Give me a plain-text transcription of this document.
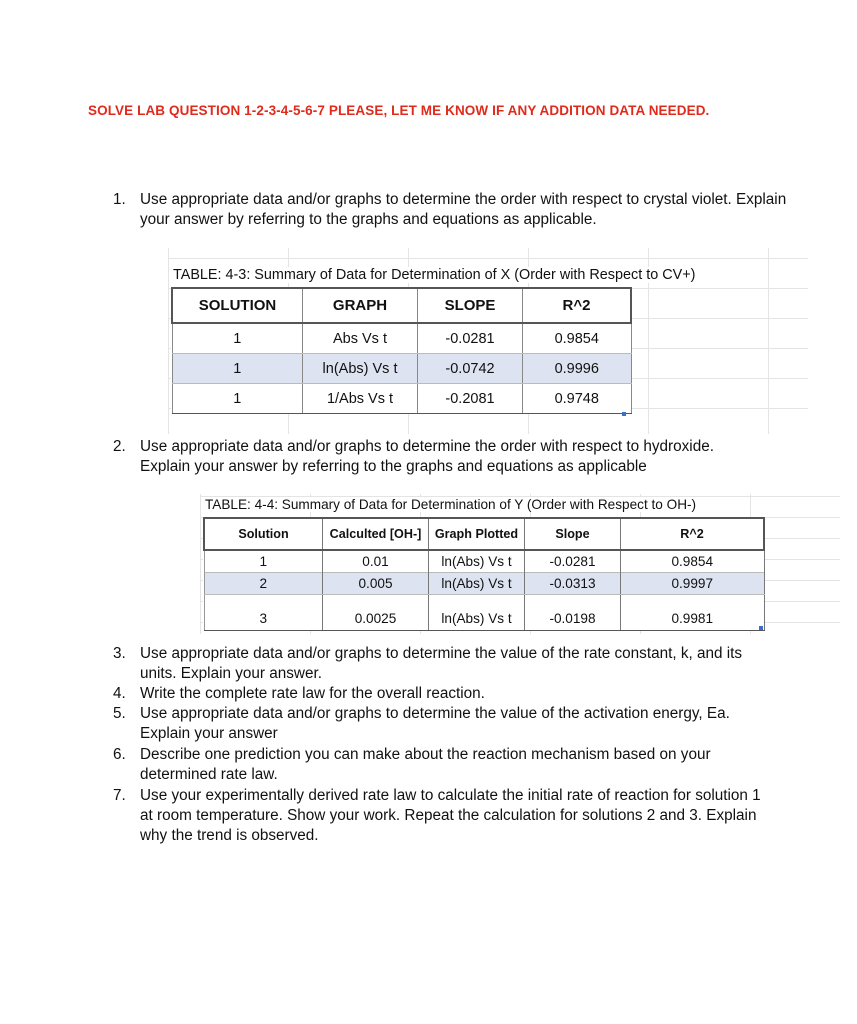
SOLVE LAB QUESTION 1-2-3-4-5-6-7 PLEASE, LET ME KNOW IF ANY ADDITION DATA NEEDED.
1. Use appropriate data and/or graphs to determine the order with respect to crystal violet. Explain your answer by referring to the graphs and equations as applicable.
TABLE: 4-3: Summary of Data for Determination of X (Order with Respect to CV+)
SOLUTION	GRAPH	SLOPE	R^2
1	Abs Vs t	-0.0281	0.9854
1	ln(Abs) Vs t	-0.0742	0.9996
1	1/Abs Vs t	-0.2081	0.9748
2. Use appropriate data and/or graphs to determine the order with respect to hydroxide. Explain your answer by referring to the graphs and equations as applicable
TABLE: 4-4: Summary of Data for Determination of Y (Order with Respect to OH-)
Solution	Calculted [OH-]	Graph Plotted	Slope	R^2
1	0.01	ln(Abs) Vs t	-0.0281	0.9854
2	0.005	ln(Abs) Vs t	-0.0313	0.9997
3	0.0025	ln(Abs) Vs t	-0.0198	0.9981
3. Use appropriate data and/or graphs to determine the value of the rate constant, k, and its units. Explain your answer.
4. Write the complete rate law for the overall reaction.
5. Use appropriate data and/or graphs to determine the value of the activation energy, Ea. Explain your answer
6. Describe one prediction you can make about the reaction mechanism based on your determined rate law.
7. Use your experimentally derived rate law to calculate the initial rate of reaction for solution 1 at room temperature. Show your work. Repeat the calculation for solutions 2 and 3. Explain why the trend is observed.
